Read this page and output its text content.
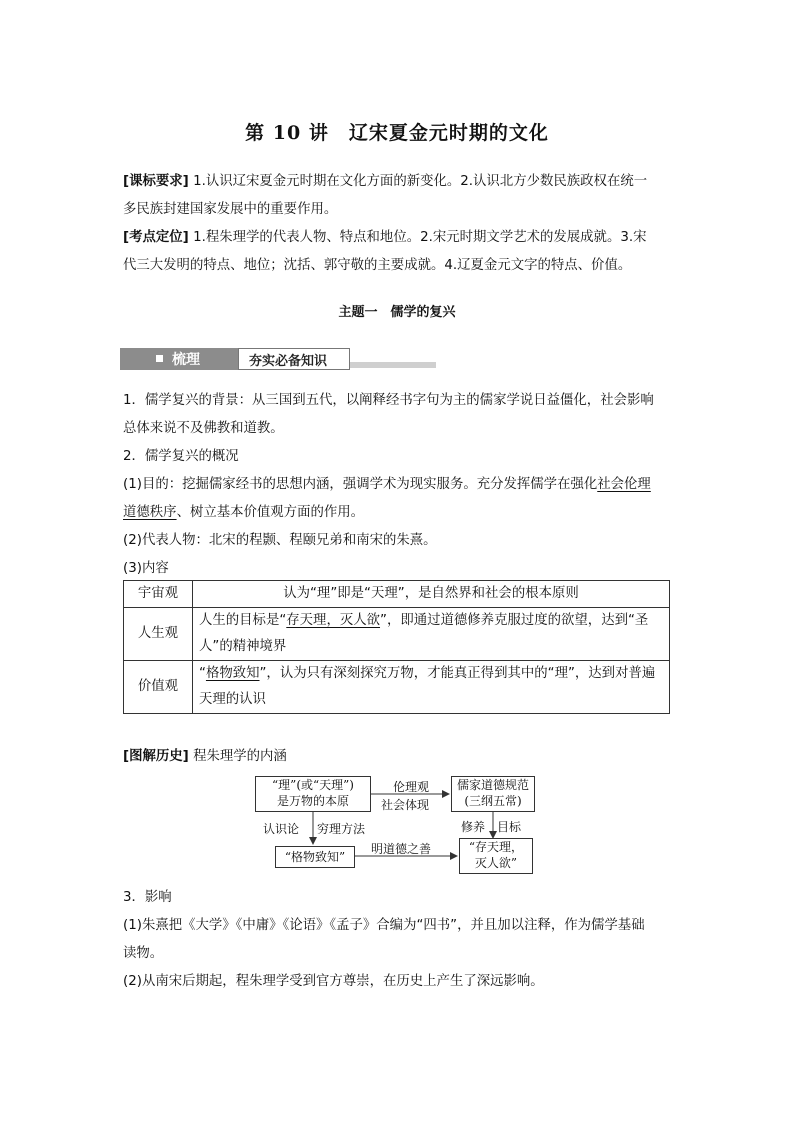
第 10 讲　辽宋夏金元时期的文化
[课标要求] 1.认识辽宋夏金元时期在文化方面的新变化。2.认识北方少数民族政权在统一
多民族封建国家发展中的重要作用。
[考点定位] 1.程朱理学的代表人物、特点和地位。2.宋元时期文学艺术的发展成就。3.宋
代三大发明的特点、地位；沈括、郭守敬的主要成就。4.辽夏金元文字的特点、价值。
主题一　儒学的复兴
梳理	夯实必备知识
1．儒学复兴的背景：从三国到五代，以阐释经书字句为主的儒家学说日益僵化，社会影响
总体来说不及佛教和道教。
2．儒学复兴的概况
(1)目的：挖掘儒家经书的思想内涵，强调学术为现实服务。充分发挥儒学在强化社会伦理
道德秩序、树立基本价值观方面的作用。
(2)代表人物：北宋的程颢、程颐兄弟和南宋的朱熹。
(3)内容
宇宙观	认为“理”即是“天理”，是自然界和社会的根本原则
人生观	人生的目标是“存天理，灭人欲”，即通过道德修养克服过度的欲望，达到“圣人”的精神境界
价值观	“格物致知”，认为只有深刻探究万物，才能真正得到其中的“理”，达到对普遍天理的认识
[图解历史] 程朱理学的内涵
“理”(或“天理”)
是万物的本原
儒家道德规范
(三纲五常)
“格物致知”
“存天理，
灭人欲”
伦理观
社会体现
认识论 穷理方法	修养 目标
明道德之善
3．影响
(1)朱熹把《大学》《中庸》《论语》《孟子》合编为“四书”，并且加以注释，作为儒学基础
读物。
(2)从南宋后期起，程朱理学受到官方尊崇，在历史上产生了深远影响。
